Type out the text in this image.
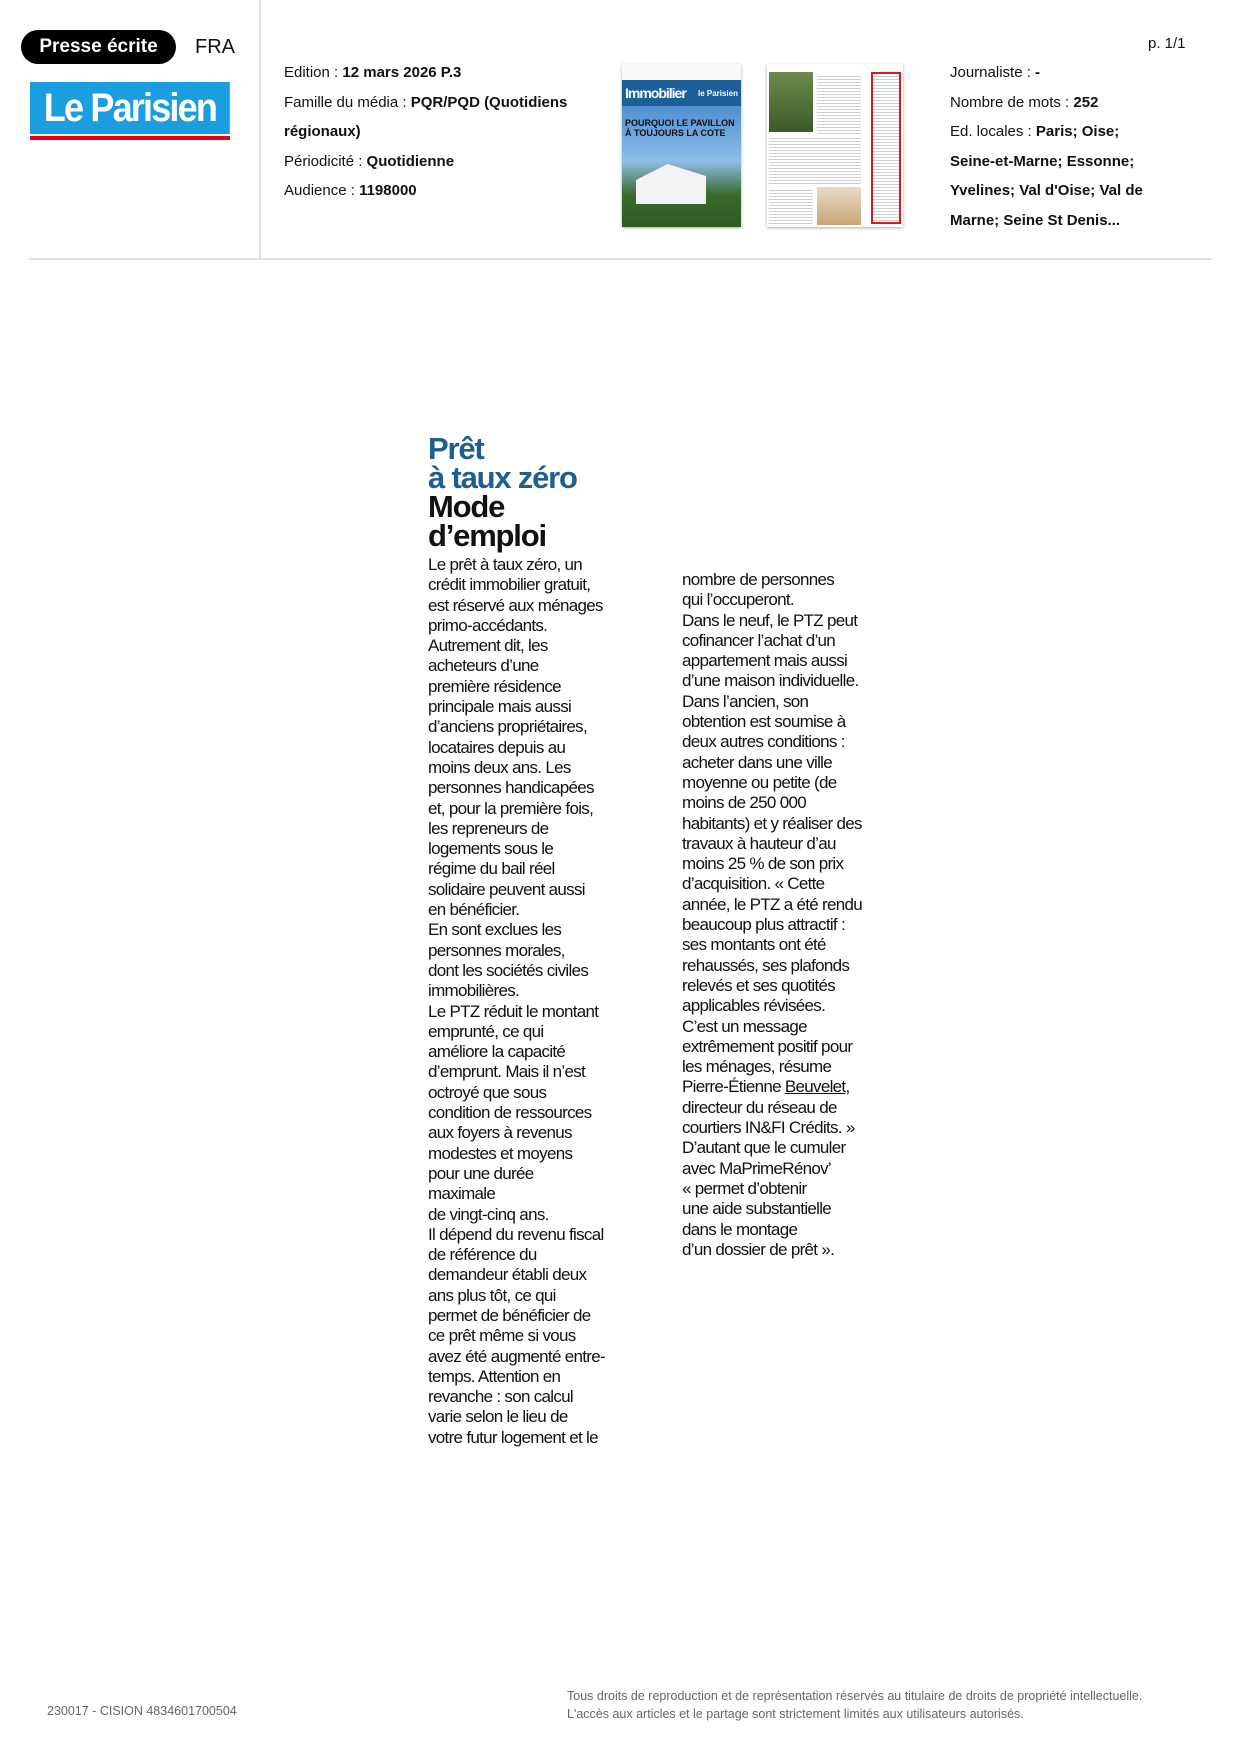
Presse écrite	FRA
Le Parisien
Edition : 12 mars 2026 P.3
Famille du média : PQR/PQD (Quotidiens
régionaux)
Périodicité : Quotidienne
Audience : 1198000
Journaliste : -
Nombre de mots : 252
Ed. locales : Paris; Oise;
Seine-et-Marne; Essonne;
Yvelines; Val d'Oise; Val de
Marne; Seine St Denis...
p. 1/1
Immobilier le Parisien
POURQUOI LE PAVILLON À TOUJOURS LA COTE
Prêt
à taux zéro
Mode
d’emploi
Le prêt à taux zéro, un
crédit immobilier gratuit,
est réservé aux ménages
primo-accédants.
Autrement dit, les
acheteurs d’une
première résidence
principale mais aussi
d’anciens propriétaires,
locataires depuis au
moins deux ans. Les
personnes handicapées
et, pour la première fois,
les repreneurs de
logements sous le
régime du bail réel
solidaire peuvent aussi
en bénéficier.
En sont exclues les
personnes morales,
dont les sociétés civiles
immobilières.
Le PTZ réduit le montant
emprunté, ce qui
améliore la capacité
d’emprunt. Mais il n’est
octroyé que sous
condition de ressources
aux foyers à revenus
modestes et moyens
pour une durée
maximale
de vingt-cinq ans.
Il dépend du revenu fiscal
de référence du
demandeur établi deux
ans plus tôt, ce qui
permet de bénéficier de
ce prêt même si vous
avez été augmenté entre-
temps. Attention en
revanche : son calcul
varie selon le lieu de
votre futur logement et le
nombre de personnes
qui l’occuperont.
Dans le neuf, le PTZ peut
cofinancer l’achat d’un
appartement mais aussi
d’une maison individuelle.
Dans l’ancien, son
obtention est soumise à
deux autres conditions :
acheter dans une ville
moyenne ou petite (de
moins de 250 000
habitants) et y réaliser des
travaux à hauteur d’au
moins 25 % de son prix
d’acquisition. « Cette
année, le PTZ a été rendu
beaucoup plus attractif :
ses montants ont été
rehaussés, ses plafonds
relevés et ses quotités
applicables révisées.
C’est un message
extrêmement positif pour
les ménages, résume
Pierre-Étienne Beuvelet,
directeur du réseau de
courtiers IN&FI Crédits. »
D’autant que le cumuler
avec MaPrimeRénov’
« permet d’obtenir
une aide substantielle
dans le montage
d’un dossier de prêt ».
230017 - CISION 4834601700504
Tous droits de reproduction et de représentation réservés au titulaire de droits de propriété intellectuelle.
L'accès aux articles et le partage sont strictement limités aux utilisateurs autorisés.
